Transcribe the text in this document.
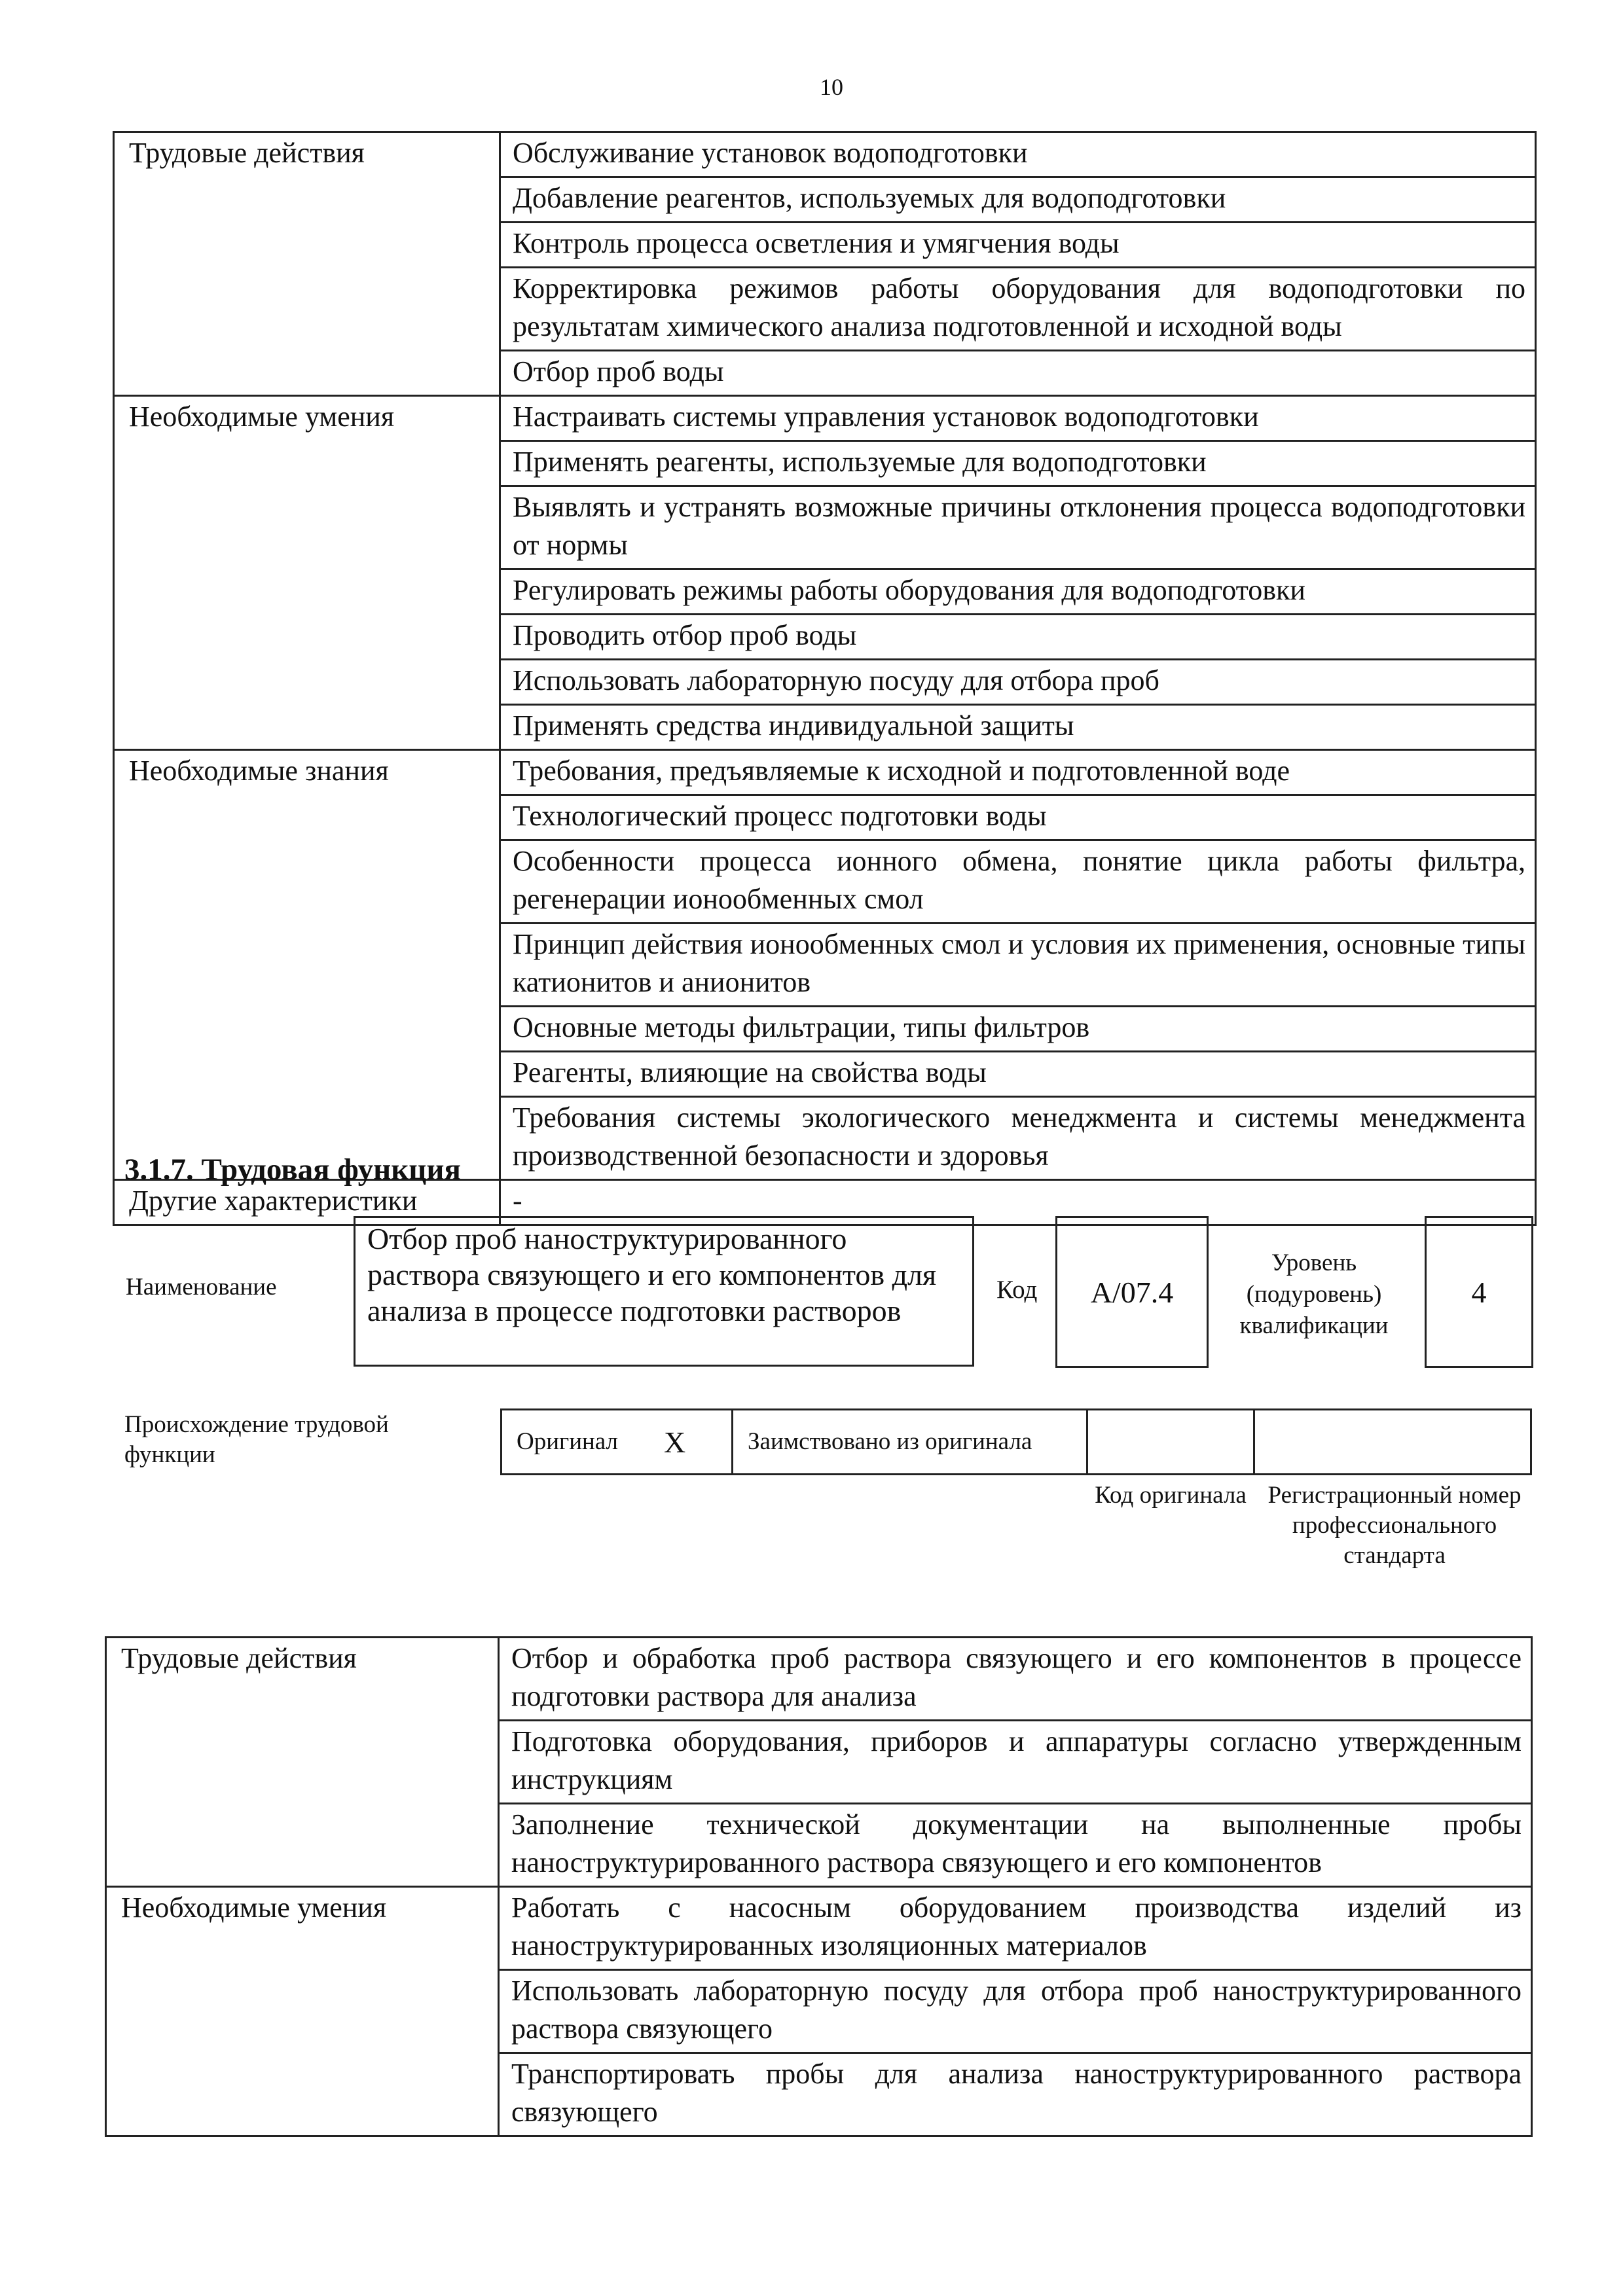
10
Трудовые действия	Обслуживание установок водоподготовки
	Добавление реагентов, используемых для водоподготовки
	Контроль процесса осветления и умягчения воды
	Корректировка режимов работы оборудования для водоподготовки по результатам химического анализа подготовленной и исходной воды
	Отбор проб воды
Необходимые умения	Настраивать системы управления установок водоподготовки
	Применять реагенты, используемые для водоподготовки
	Выявлять и устранять возможные причины отклонения процесса водоподготовки от нормы
	Регулировать режимы работы оборудования для водоподготовки
	Проводить отбор проб воды
	Использовать лабораторную посуду для отбора проб
	Применять средства индивидуальной защиты
Необходимые знания	Требования, предъявляемые к исходной и подготовленной воде
	Технологический процесс подготовки воды
	Особенности процесса ионного обмена, понятие цикла работы фильтра, регенерации ионообменных смол
	Принцип действия ионообменных смол и условия их применения, основные типы катионитов и анионитов
	Основные методы фильтрации, типы фильтров
	Реагенты, влияющие на свойства воды
	Требования системы экологического менеджмента и системы менеджмента производственной безопасности и здоровья
Другие характеристики	-
3.1.7. Трудовая функция
Наименование
Отбор проб наноструктурированного раствора связующего и его компонентов для анализа в процессе подготовки растворов
Код	A/07.4
Уровень (подуровень) квалификации
4
Происхождение трудовой функции	Оригинал X	Заимствовано из оригинала
Код оригинала Регистрационный номер профессионального стандарта
Трудовые действия	Отбор и обработка проб раствора связующего и его компонентов в процессе подготовки раствора для анализа
	Подготовка оборудования, приборов и аппаратуры согласно утвержденным инструкциям
	Заполнение технической документации на выполненные пробы наноструктурированного раствора связующего и его компонентов
Необходимые умения	Работать с насосным оборудованием производства изделий из наноструктурированных изоляционных материалов
	Использовать лабораторную посуду для отбора проб наноструктурированного раствора связующего
	Транспортировать пробы для анализа наноструктурированного раствора связующего
